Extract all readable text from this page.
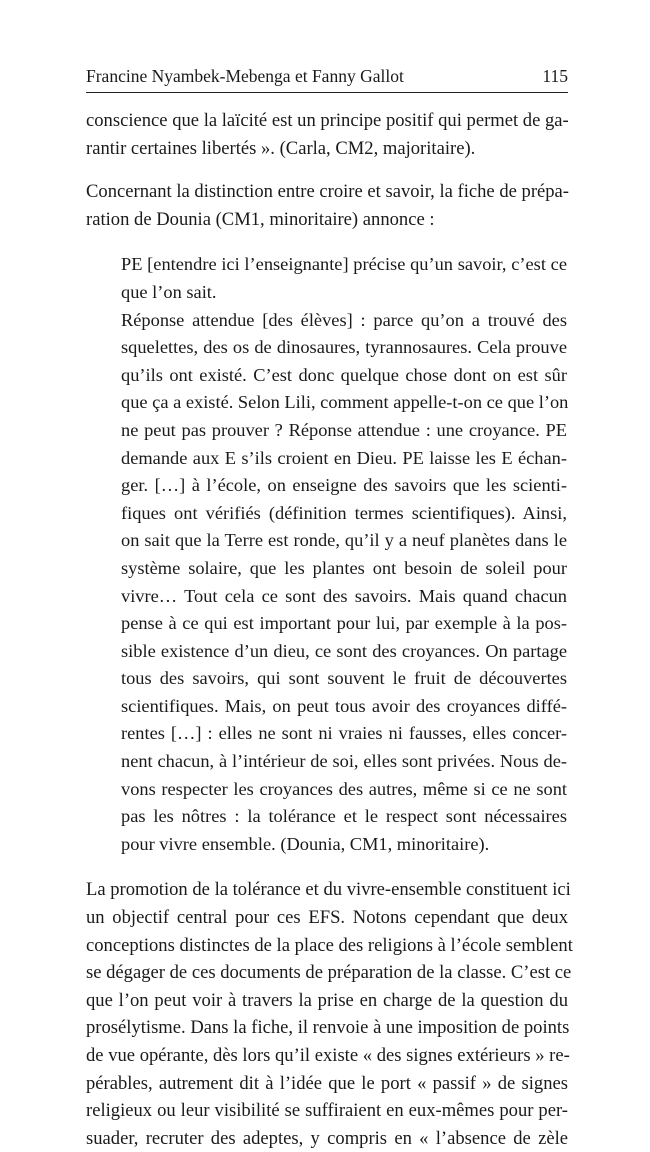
Francine Nyambek-Mebenga et Fanny Gallot	115
conscience que la laïcité est un principe positif qui permet de ga-
rantir certaines libertés ». (Carla, CM2, majoritaire).
Concernant la distinction entre croire et savoir, la fiche de prépa-
ration de Dounia (CM1, minoritaire) annonce :
PE [entendre ici l’enseignante] précise qu’un savoir, c’est ce
que l’on sait.
Réponse attendue [des élèves] : parce qu’on a trouvé des
squelettes, des os de dinosaures, tyrannosaures. Cela prouve
qu’ils ont existé. C’est donc quelque chose dont on est sûr
que ça a existé. Selon Lili, comment appelle-t-on ce que l’on
ne peut pas prouver ? Réponse attendue : une croyance. PE
demande aux E s’ils croient en Dieu. PE laisse les E échan-
ger. […] à l’école, on enseigne des savoirs que les scienti-
fiques ont vérifiés (définition termes scientifiques). Ainsi,
on sait que la Terre est ronde, qu’il y a neuf planètes dans le
système solaire, que les plantes ont besoin de soleil pour
vivre… Tout cela ce sont des savoirs. Mais quand chacun
pense à ce qui est important pour lui, par exemple à la pos-
sible existence d’un dieu, ce sont des croyances. On partage
tous des savoirs, qui sont souvent le fruit de découvertes
scientifiques. Mais, on peut tous avoir des croyances diffé-
rentes […] : elles ne sont ni vraies ni fausses, elles concer-
nent chacun, à l’intérieur de soi, elles sont privées. Nous de-
vons respecter les croyances des autres, même si ce ne sont
pas les nôtres : la tolérance et le respect sont nécessaires
pour vivre ensemble. (Dounia, CM1, minoritaire).
La promotion de la tolérance et du vivre-ensemble constituent ici
un objectif central pour ces EFS. Notons cependant que deux
conceptions distinctes de la place des religions à l’école semblent
se dégager de ces documents de préparation de la classe. C’est ce
que l’on peut voir à travers la prise en charge de la question du
prosélytisme. Dans la fiche, il renvoie à une imposition de points
de vue opérante, dès lors qu’il existe « des signes extérieurs » re-
pérables, autrement dit à l’idée que le port « passif » de signes
religieux ou leur visibilité se suffiraient en eux-mêmes pour per-
suader, recruter des adeptes, y compris en « l’absence de zèle
